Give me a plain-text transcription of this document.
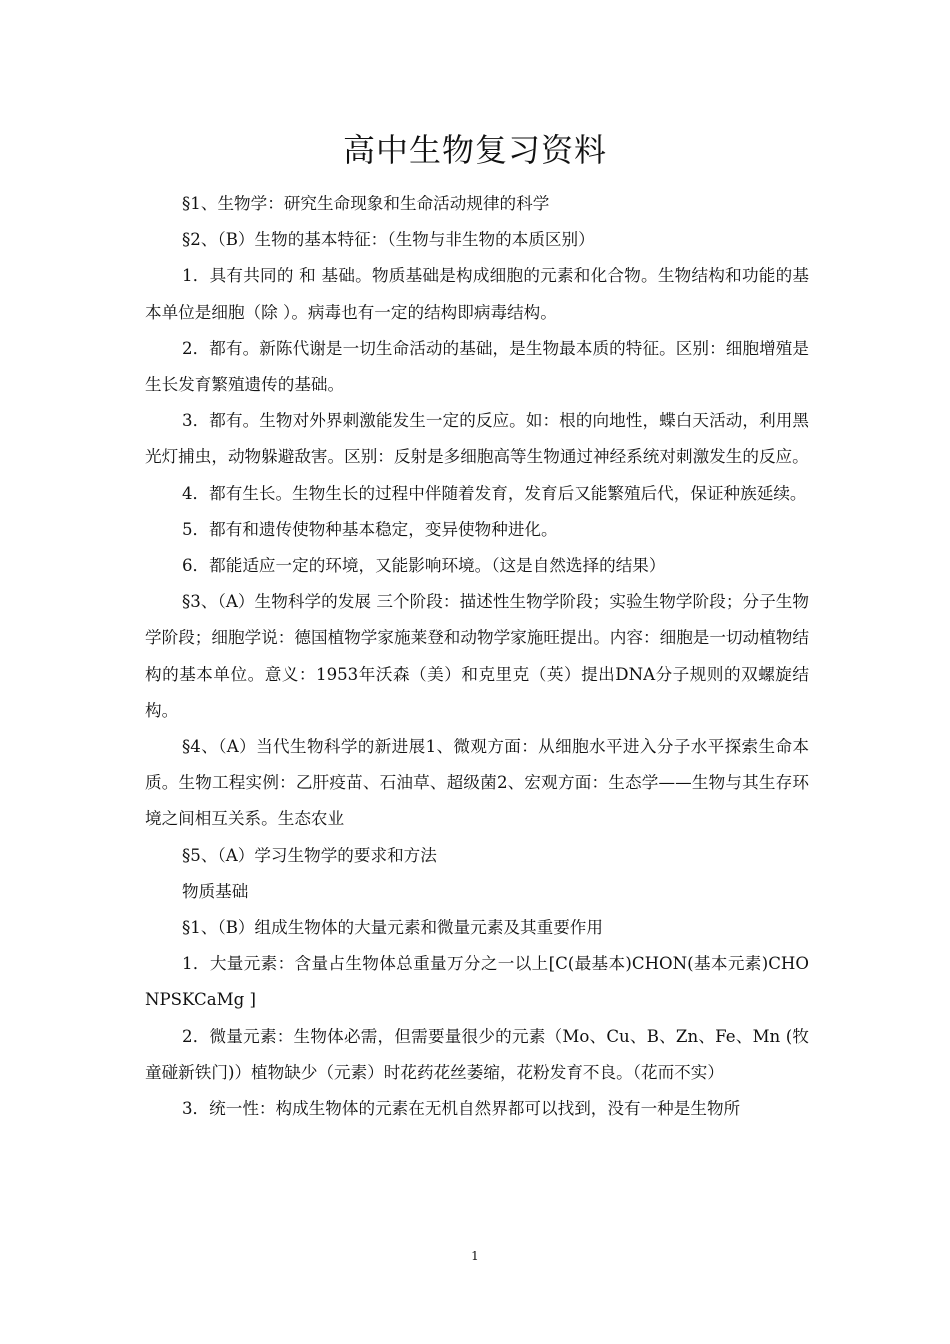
高中生物复习资料

§1、生物学：研究生命现象和生命活动规律的科学

§2、（B）生物的基本特征：（生物与非生物的本质区别）

1．具有共同的 和 基础。物质基础是构成细胞的元素和化合物。生物结构和功能的基本单位是细胞（除 ）。病毒也有一定的结构即病毒结构。

2．都有。新陈代谢是一切生命活动的基础，是生物最本质的特征。区别：细胞增殖是生长发育繁殖遗传的基础。

3．都有。生物对外界刺激能发生一定的反应。如：根的向地性，蝶白天活动，利用黑光灯捕虫，动物躲避敌害。区别：反射是多细胞高等生物通过神经系统对刺激发生的反应。

4．都有生长。生物生长的过程中伴随着发育，发育后又能繁殖后代，保证种族延续。

5．都有和遗传使物种基本稳定，变异使物种进化。

6．都能适应一定的环境，又能影响环境。（这是自然选择的结果）

§3、（A）生物科学的发展 三个阶段：描述性生物学阶段；实验生物学阶段；分子生物学阶段；细胞学说：德国植物学家施莱登和动物学家施旺提出。内容：细胞是一切动植物结构的基本单位。意义：1953年沃森（美）和克里克（英）提出DNA分子规则的双螺旋结构。

§4、（A）当代生物科学的新进展1、微观方面：从细胞水平进入分子水平探索生命本质。生物工程实例：乙肝疫苗、石油草、超级菌2、宏观方面：生态学——生物与其生存环境之间相互关系。生态农业

§5、（A）学习生物学的要求和方法

物质基础

§1、（B）组成生物体的大量元素和微量元素及其重要作用

1．大量元素：含量占生物体总重量万分之一以上[C(最基本)CHON(基本元素)CHONPSKCaMg ]

2．微量元素：生物体必需，但需要量很少的元素（Mo、Cu、B、Zn、Fe、Mn (牧童碰新铁门)）植物缺少（元素）时花药花丝萎缩，花粉发育不良。（花而不实）

3．统一性：构成生物体的元素在无机自然界都可以找到，没有一种是生物所

1
